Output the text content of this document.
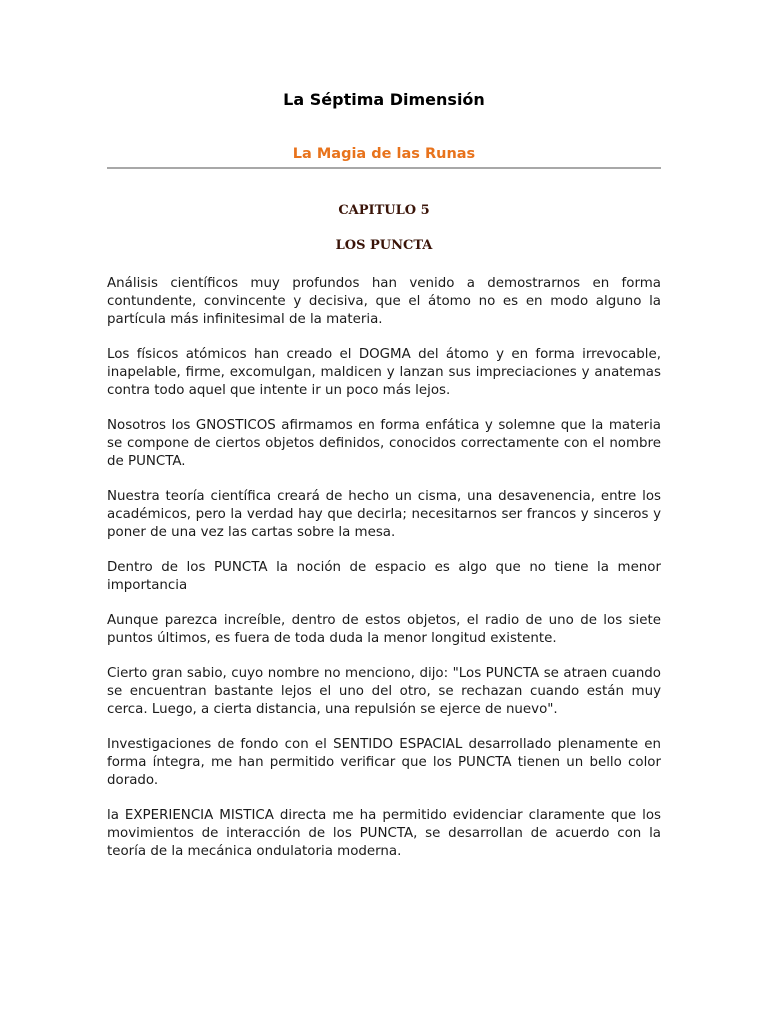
La Séptima Dimensión
La Magia de las Runas
CAPITULO 5
LOS PUNCTA

Análisis científicos muy profundos han venido a demostrarnos en forma contundente, convincente y decisiva, que el átomo no es en modo alguno la partícula más infinitesimal de la materia.

Los físicos atómicos han creado el DOGMA del átomo y en forma irrevocable, inapelable, firme, excomulgan, maldicen y lanzan sus impreciaciones y anatemas contra todo aquel que intente ir un poco más lejos.

Nosotros los GNOSTICOS afirmamos en forma enfática y solemne que la materia se compone de ciertos objetos definidos, conocidos correctamente con el nombre de PUNCTA.

Nuestra teoría científica creará de hecho un cisma, una desavenencia, entre los académicos, pero la verdad hay que decirla; necesitarnos ser francos y sinceros y poner de una vez las cartas sobre la mesa.

Dentro de los PUNCTA la noción de espacio es algo que no tiene la menor importancia

Aunque parezca increíble, dentro de estos objetos, el radio de uno de los siete puntos últimos, es fuera de toda duda la menor longitud existente.

Cierto gran sabio, cuyo nombre no menciono, dijo: "Los PUNCTA se atraen cuando se encuentran bastante lejos el uno del otro, se rechazan cuando están muy cerca. Luego, a cierta distancia, una repulsión se ejerce de nuevo".

Investigaciones de fondo con el SENTIDO ESPACIAL desarrollado plenamente en forma íntegra, me han permitido verificar que los PUNCTA tienen un bello color dorado.

la EXPERIENCIA MISTICA directa me ha permitido evidenciar claramente que los movimientos de interacción de los PUNCTA, se desarrollan de acuerdo con la teoría de la mecánica ondulatoria moderna.
